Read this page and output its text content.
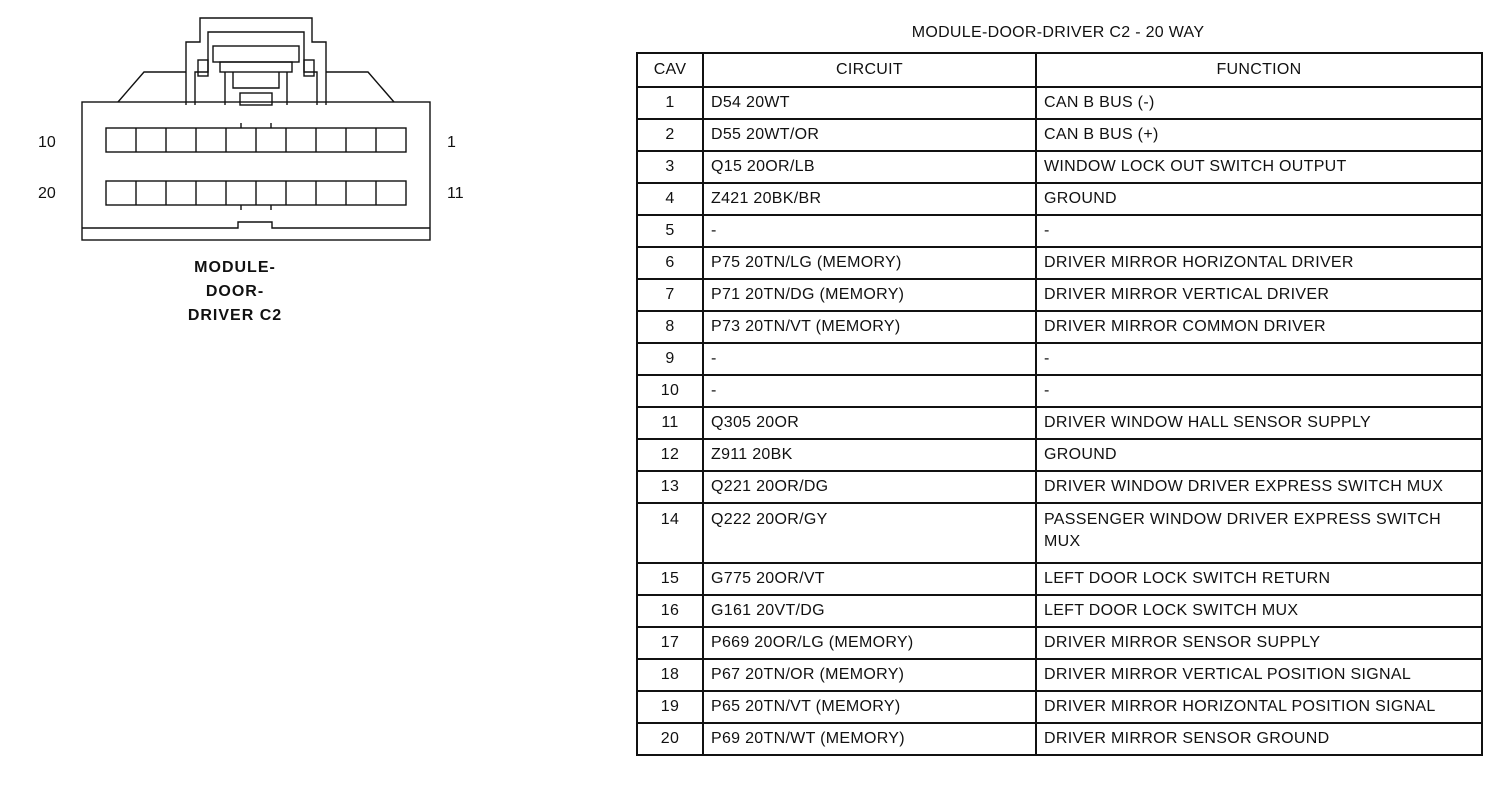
10	1
20	11
MODULE-
DOOR-
DRIVER C2
MODULE-DOOR-DRIVER C2 - 20 WAY
CAV	CIRCUIT	FUNCTION
1	D54 20WT	CAN B BUS (-)
2	D55 20WT/OR	CAN B BUS (+)
3	Q15 20OR/LB	WINDOW LOCK OUT SWITCH OUTPUT
4	Z421 20BK/BR	GROUND
5	-	-
6	P75 20TN/LG (MEMORY)	DRIVER MIRROR HORIZONTAL DRIVER
7	P71 20TN/DG (MEMORY)	DRIVER MIRROR VERTICAL DRIVER
8	P73 20TN/VT (MEMORY)	DRIVER MIRROR COMMON DRIVER
9	-	-
10	-	-
11	Q305 20OR	DRIVER WINDOW HALL SENSOR SUPPLY
12	Z911 20BK	GROUND
13	Q221 20OR/DG	DRIVER WINDOW DRIVER EXPRESS SWITCH MUX
14	Q222 20OR/GY	PASSENGER WINDOW DRIVER EXPRESS SWITCH MUX
15	G775 20OR/VT	LEFT DOOR LOCK SWITCH RETURN
16	G161 20VT/DG	LEFT DOOR LOCK SWITCH MUX
17	P669 20OR/LG (MEMORY)	DRIVER MIRROR SENSOR SUPPLY
18	P67 20TN/OR (MEMORY)	DRIVER MIRROR VERTICAL POSITION SIGNAL
19	P65 20TN/VT (MEMORY)	DRIVER MIRROR HORIZONTAL POSITION SIGNAL
20	P69 20TN/WT (MEMORY)	DRIVER MIRROR SENSOR GROUND
